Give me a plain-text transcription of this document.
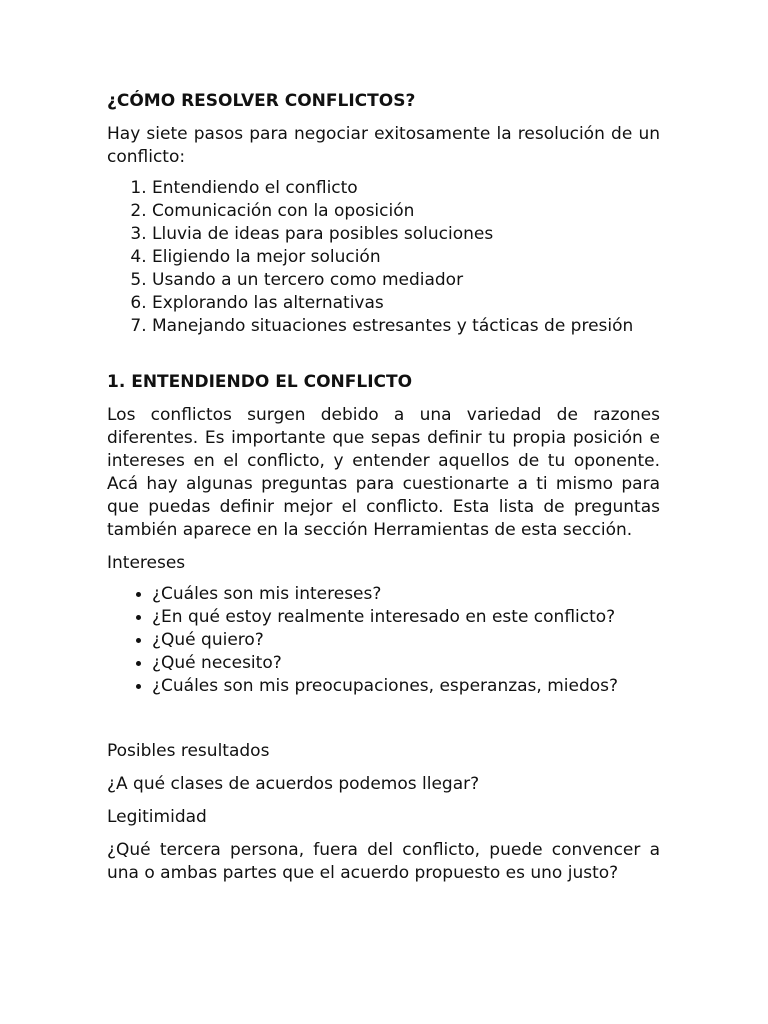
¿CÓMO RESOLVER CONFLICTOS?

Hay siete pasos para negociar exitosamente la resolución de un conflicto:

1. Entendiendo el conflicto
2. Comunicación con la oposición
3. Lluvia de ideas para posibles soluciones
4. Eligiendo la mejor solución
5. Usando a un tercero como mediador
6. Explorando las alternativas
7. Manejando situaciones estresantes y tácticas de presión

1. ENTENDIENDO EL CONFLICTO

Los conflictos surgen debido a una variedad de razones diferentes. Es importante que sepas definir tu propia posición e intereses en el conflicto, y entender aquellos de tu oponente. Acá hay algunas preguntas para cuestionarte a ti mismo para que puedas definir mejor el conflicto. Esta lista de preguntas también aparece en la sección Herramientas de esta sección.

Intereses

• ¿Cuáles son mis intereses?
• ¿En qué estoy realmente interesado en este conflicto?
• ¿Qué quiero?
• ¿Qué necesito?
• ¿Cuáles son mis preocupaciones, esperanzas, miedos?

Posibles resultados

¿A qué clases de acuerdos podemos llegar?

Legitimidad

¿Qué tercera persona, fuera del conflicto, puede convencer a una o ambas partes que el acuerdo propuesto es uno justo?
